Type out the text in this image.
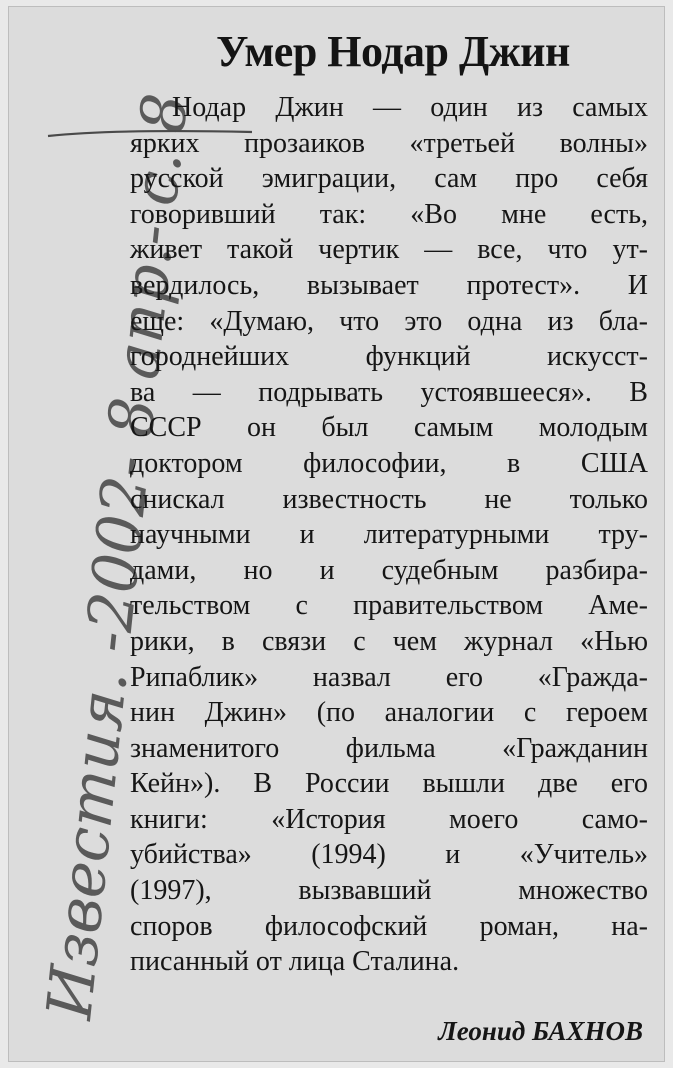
Известия. -2002- 8 апр.- с. 8
Умер Нодар Джин
Нодар Джин — один из самых
ярких прозаиков «третьей волны»
русской эмиграции, сам про себя
говоривший так: «Во мне есть,
живет такой чертик — все, что ут-
вердилось, вызывает протест». И
еще: «Думаю, что это одна из бла-
городнейших функций искусст-
ва — подрывать устоявшееся». В
СССР он был самым молодым
доктором философии, в США
снискал известность не только
научными и литературными тру-
дами, но и судебным разбира-
тельством с правительством Аме-
рики, в связи с чем журнал «Нью
Рипаблик» назвал его «Гражда-
нин Джин» (по аналогии с героем
знаменитого фильма «Гражданин
Кейн»). В России вышли две его
книги: «История моего само-
убийства» (1994) и «Учитель»
(1997), вызвавший множество
споров философский роман, на-
писанный от лица Сталина.
Леонид БАХНОВ
